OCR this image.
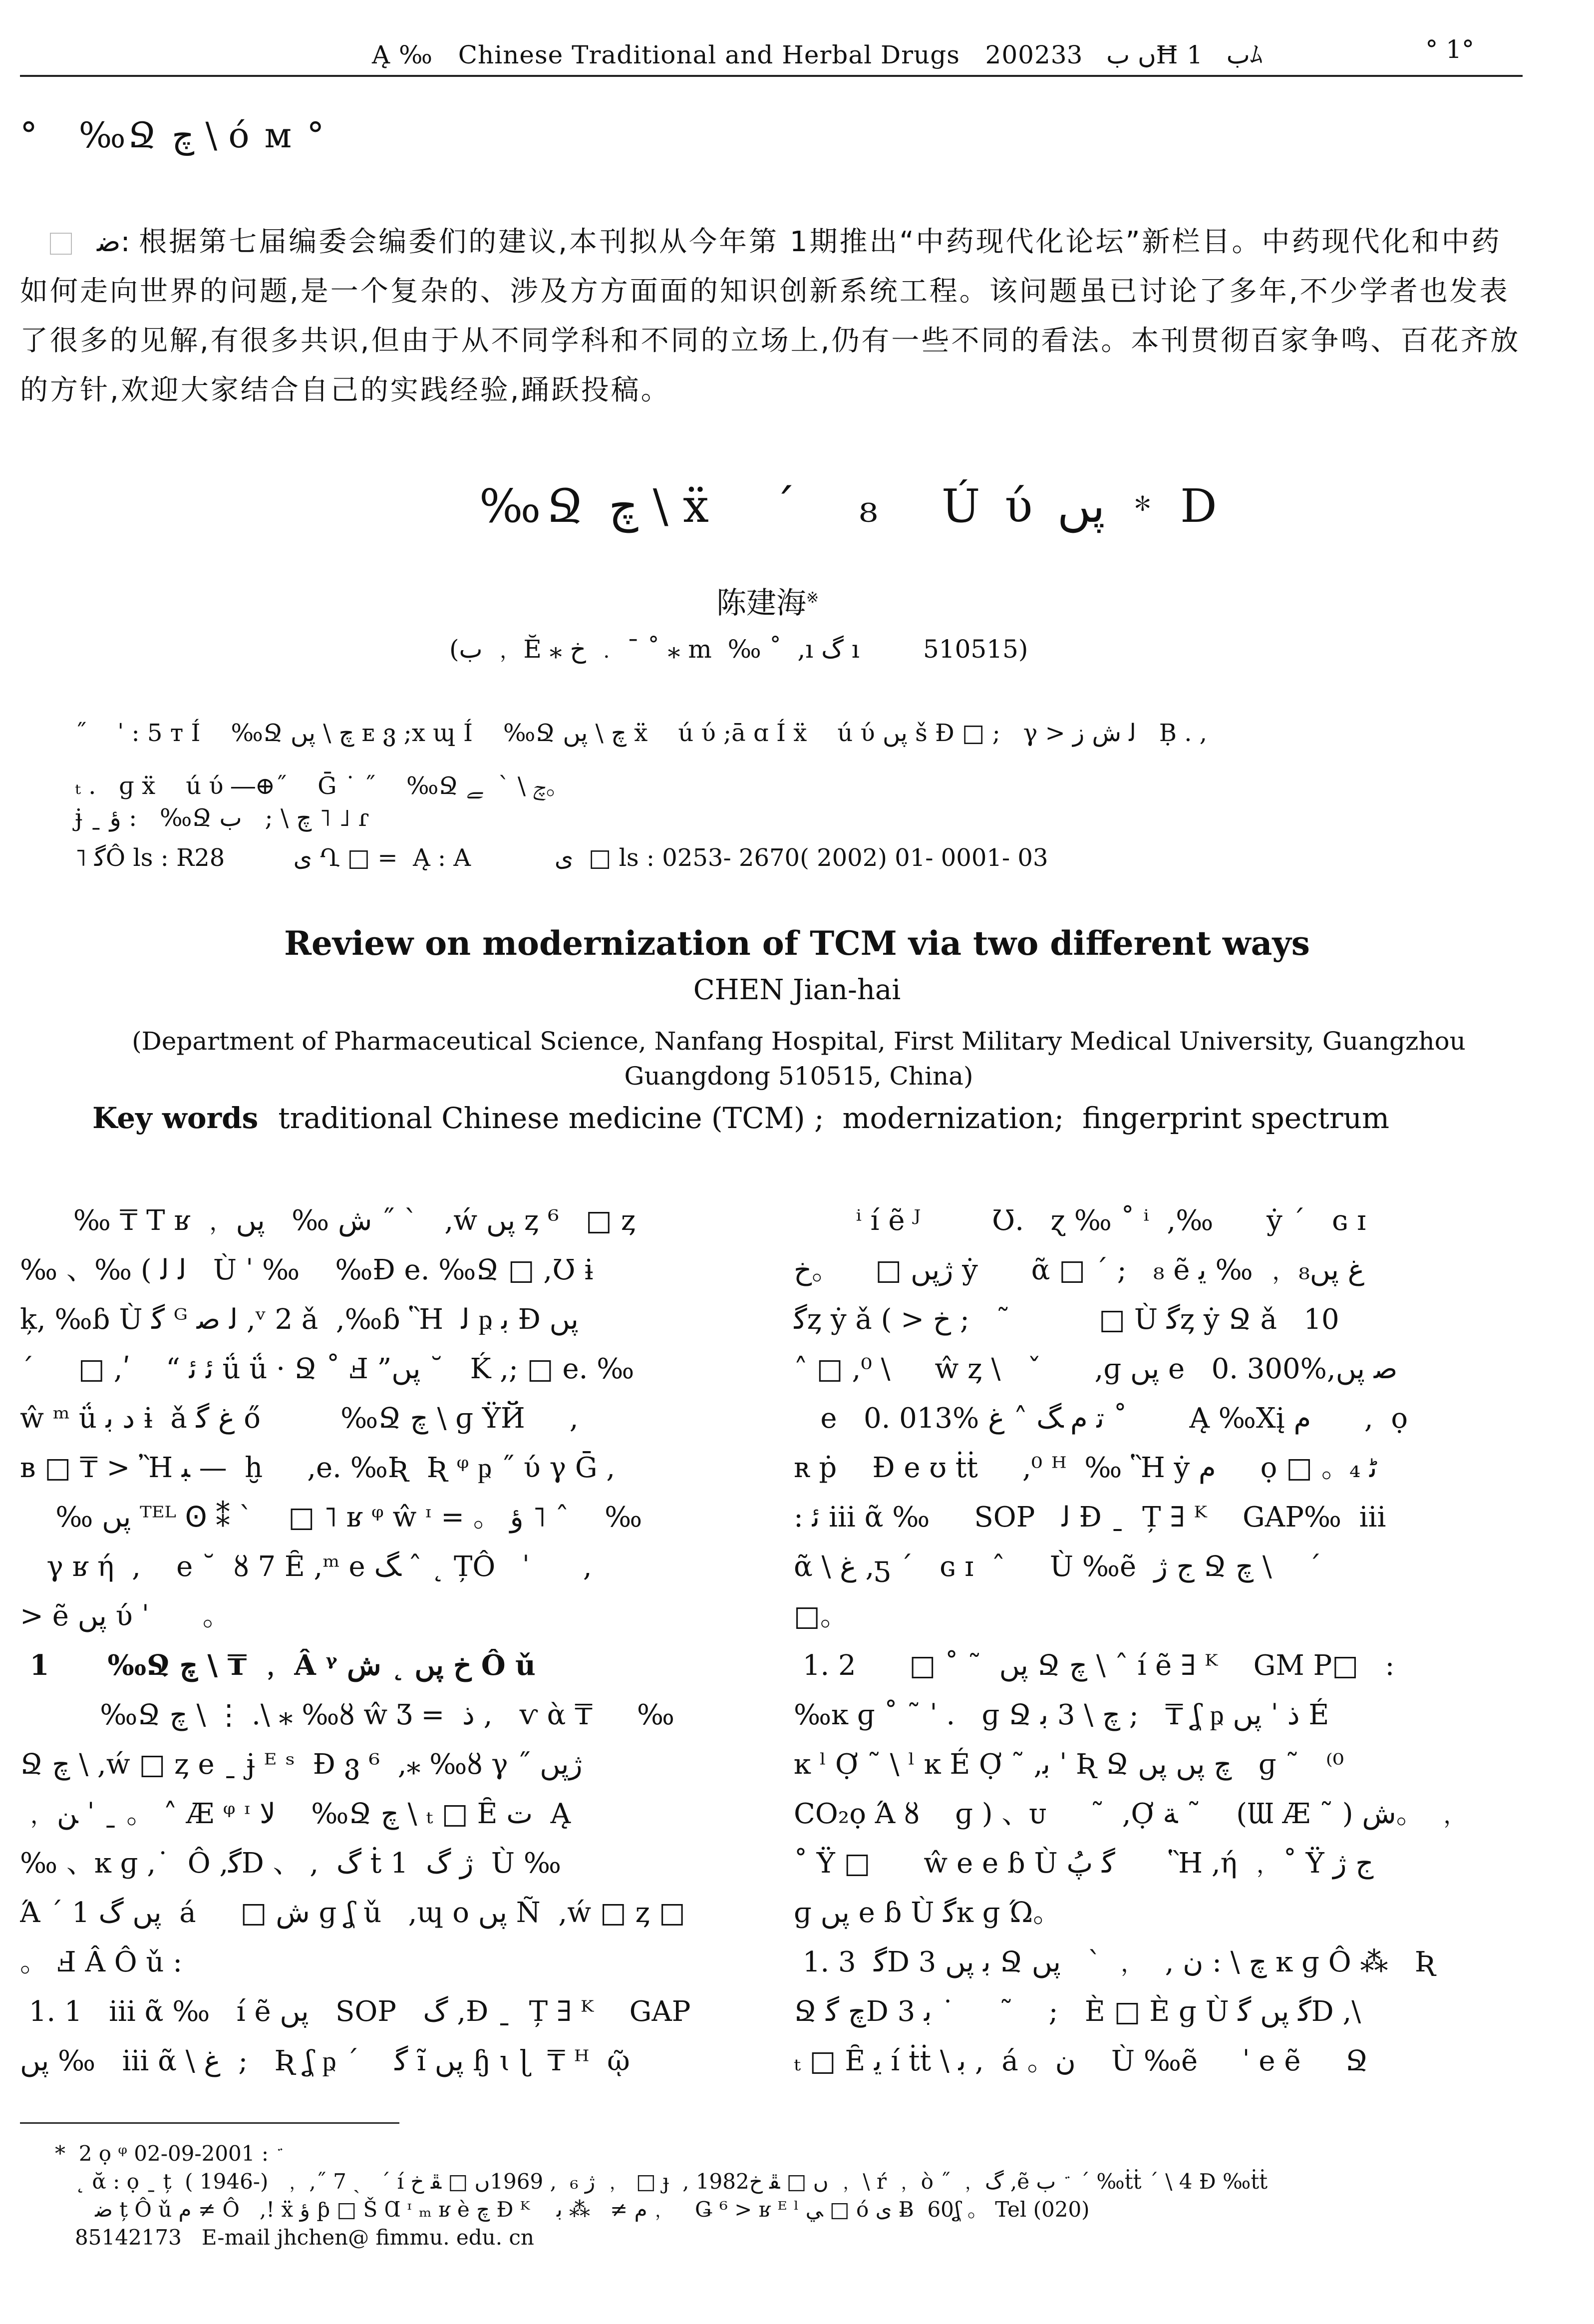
Ą ‰   Chinese Traditional and Herbal Drugs   2002ں ب   33Ħ ب   1ﾑ	° 1°
°   ‰Ջ چ \ ó м °
ﺿ: 根据第七届编委会编委们的建议,本刊拟从今年第 1期推出“中药现代化论坛”新栏目。中药现代化和中药如何走向世界的问题,是一个复杂的、涉及方方面面的知识创新系统工程。该问题虽已讨论了多年,不少学者也发表了很多的见解,有很多共识,但由于从不同学科和不同的立场上,仍有一些不同的看法。本刊贯彻百家争鸣、百花齐放的方针,欢迎大家结合自己的实践经验,踊跃投稿。
‰Ջ چ \ ẍ   ΄   ₈   Ú ύ پں ﹡ D
陈建海※
(ب ﹐ Ĕ ⁎ خ ﹒ ¯ ˚ ⁎ m  ‰ ˚  ,ı ﮒ ı        510515)
˝    ˈ : 5 т Í    ‰Ջ چ \ پں ᴇ ვ ;x ɰ Í    ‰Ջ چ \ پں ẍ    ú ύ ;ā ɑ Í ẍ    ú ύ پں š Ɖ □ ;   γ > ﻟ ﺵ ﺯ   Ḅ . ,
ₜ .   ɡ ẍ    ú ύ ―⊕˝    Ḡ ˙ ˝    ‰Ջ چ \ ˋ  ﮯ。
ɉ ˍ ﺅ :   ‰Ջ چ \ ;   ﺏ ˥ ˩ ɾ
˥ ﮔÔ ls : R28         ﯼ Ղ □ =  Ą : A           ﯼ  □ ls : 0253- 2670( 2002) 01- 0001- 03
Review on modernization of TCM via two different ways
CHEN Jian-hai
(Department of Pharmaceutical Science, Nanfang Hospital, First Military Medical University, Guangzhou Guangdong 510515, China)
Key words traditional Chinese medicine (TCM) ;  modernization;  fingerprint spectrum
‰ ₸ Т ʁ ﹐ ش ‰   پں ˝ ˋ   ,ẃ پں ȥ ⁶   □ ȥ
‰ 、‰ ( ﻟ ﻟ   Ù ˈ ‰    ‰Ɖ e. ‰Ջ □ ,Ʊ ɨ
ķ, ‰ɓ Ù ﮔ ᴳ ﻟ ﺻ ,ᵛ 2 ǎ  ,‰ɓ Ἣ  ﻟ ҏ ﺑ Ɖ پں
΄     □ ,ʹ    “ ﺋ ﺋ ǘ ǘ · Ջ ˚ Ⅎ ”پں ˘   Ḱ ,; □ e. ‰
ŵ ᵐ ǘ ﺩ ﺑ ɨ  ǎ ﻍ ﮔ ő         ‰Ջ چ \ ɡ ŸЙ     ,
ʙ □ ₸ > Ἢ ﺒ —  ḫ     ,e. ‰Ʀ  Ʀ ᵠ ҏ ˝ ύ γ Ḡ ,
‰ پں ᵀᴱᴸ Ꙩ ⁑ ˋ    □ ˥ ʁ ᵠ ŵ ᶦ = 。 ﺅ ˥ ˆ    ‰
γ ʁ ή  ,    е ˘  ȣ 7 Ȇ ,ᵐ е ﮓ ˆ ˛ ȚÔ   ˈ      ,
> ẽ پں ύ ˈ      。
1      ‰Ջ چ \ ₸ ﹐ Â ᵞ خ پں ˛ ش Ô ǔ
‰Ջ چ \ ⋮ .\ ⁎ ‰ȣ ŵ Ʒ =  ﺫ ,   ѵ ὰ ₸     ‰
Ջ چ \ ,ẃ □ ȥ е ˍ ɉ ᴱ ˢ  Ɖ ვ ⁶  ,⁎ ‰ȣ γ ˝ ژپں
﹐ ﻦ ˈ ˍ 。 ˄ Ӕ ᵠ ᶦ ﻻ    ‰Ջ چ \ ₜ □ Ȇ ﺕ  Ą
‰ 、ĸ ɡ ,˙  Ô ,ﮔD 、 ,  ﮒ ṫ 1  ژ ﮒ  Ù ‰
Ά ´ 1 پں ﮒ  á     □ ﺵ ɡ ʆ ǔ   ,ɰ о پں Ñ  ,ẃ □ ȥ □
。 Ⅎ Â Ô ǔ :
1. 1   iii ᾶ ‰   í ẽ پں   SOP   ﮒ ,Ɖ ˍ  Ț ∃ ᴷ    GAP
پں ‰   iii ᾶ \ ﻍ  ;   Ʀ ʆ ҏ ˊ    ﮔ ĩ پں ɧ ɩ ɭ  ₸ ᴴ  ῷ
ⁱ í ẽ ᴶ        Ʊ.   ɀ ‰ ˚ ⁱ  ,‰      ẏ ˊ   ɢ ɪ
ژپں □    。خ ẏ      ᾶ □ ´ ;   ₈ ẽ ﻍ پں₈ ﹐ ‰ ﻳ
ﮔȥ ẏ ǎ ( > خ ;   ˜          □ Ù ﮔȥ ẏ Ջ ǎ   10
˄ □ ,⁰ \     ŵ ȥ \   ˇ      ,ɡ پں е   0. 300%,ﺻ پں
е   0. 013% ﺗ ﻡ ﮓ ˄ ﻍ ˚       Ą ‰Xį ﻡ      ,  ọ
ʀ ṗ    Ɖ е ʊ ṫṫ     ,⁰ ᴴ  ‰ Ἣ ẏ ﻡ     ọ □ 。₄ ﮢ
: ﺋ iii ᾶ ‰     SOP   ﻟ Ɖ ˍ  Ț ∃ ᴷ    GAP‰  iii
ᾶ \ ﻍ ,ƽ ´   ɢ ɪ  ˆ     Ù ‰ẽ  ﺝ ژ Ջ چ \    ´
□。
1. 2      □ ˚ ˜  پں Ջ چ \ ˆ í ẽ ∃ ᴷ    GM P□   :
‰ĸ ɡ ˚ ˜ ˈ .   ɡ Ջ چ \ 3 ﺑ ;   ₸ ʆ ҏ ﺫ ˈ پں É
ĸ ˡ Ợ ˜ \ ˡ ĸ É Ợ ˜ ,ﺑ ˈ Ʀ Ջ چ پں پں   ɡ ˜   ⁽⁰
CO₂ọ Ά ȣ    ɡ ) 、ᴜ     ˜  ,Ợ ﺔ ˜    (Ɯ Ӕ ˜ ) ﺵ。 ﹐
˚ Ÿ □      ŵ е е ɓ Ù ﮔ پُ      Ἣ ,ή ﹐ ˚ Ÿ ﺝ ژ
ɡ پں е ɓ Ù ﮔĸ ɡ Ώ。
1. 3  ﮔD 3 ﺑ پں Ջ چ \ : ﻥ ,   ﹐ ˋ   پں ĸ ɡ Ô ⁂   Ʀ
Ջ چ ﮔD 3 ﺑ ˙     ˜    ;   È □ È ɡ Ù ﮔ پں ﮔD ,\
ₜ □ Ȇ ﻳ í ṫṫ \ ﺑ ,  á 。ﻥ    Ù ‰ẽ     ˈ е ẽ     Ջ
*  2 ọ ᵠ ﮴ : 2001-09-02
˛ ᾰ : ọ ˍ ț  ( 1946-)  ﹐ ,˝ 7 ˎ   ˊ í ژ ₆  , 1969ں □ ﭱ خ ﹐  □ ɟ  , 1982ں □ ﭱ خ ﹐ \ ŕ ﹐ ò ˝ ﹐ ﮒ ,ẽ ﮴ ﺏ ˊ ‰ṫṫ ˊ \ 4 Ɖ ‰ṫṫ
ﺿ ț Ô ǔ ﻡ ≠ Ô   ,! ẍ ﺅ ƥ □ Š Ɑ ᶦ ₘ ʁ è ﭺ Ɖ ᴷ    ﻡ ≠   ⁂ ﺑ﹐    Ǥ ⁶ > ʁ ᴱ ˡ ﻲ □ ó ﻯ Ƀ  60ʆ 。 Tel (020)
85142173   E-mail jhchen@ fimmu. edu. cn
